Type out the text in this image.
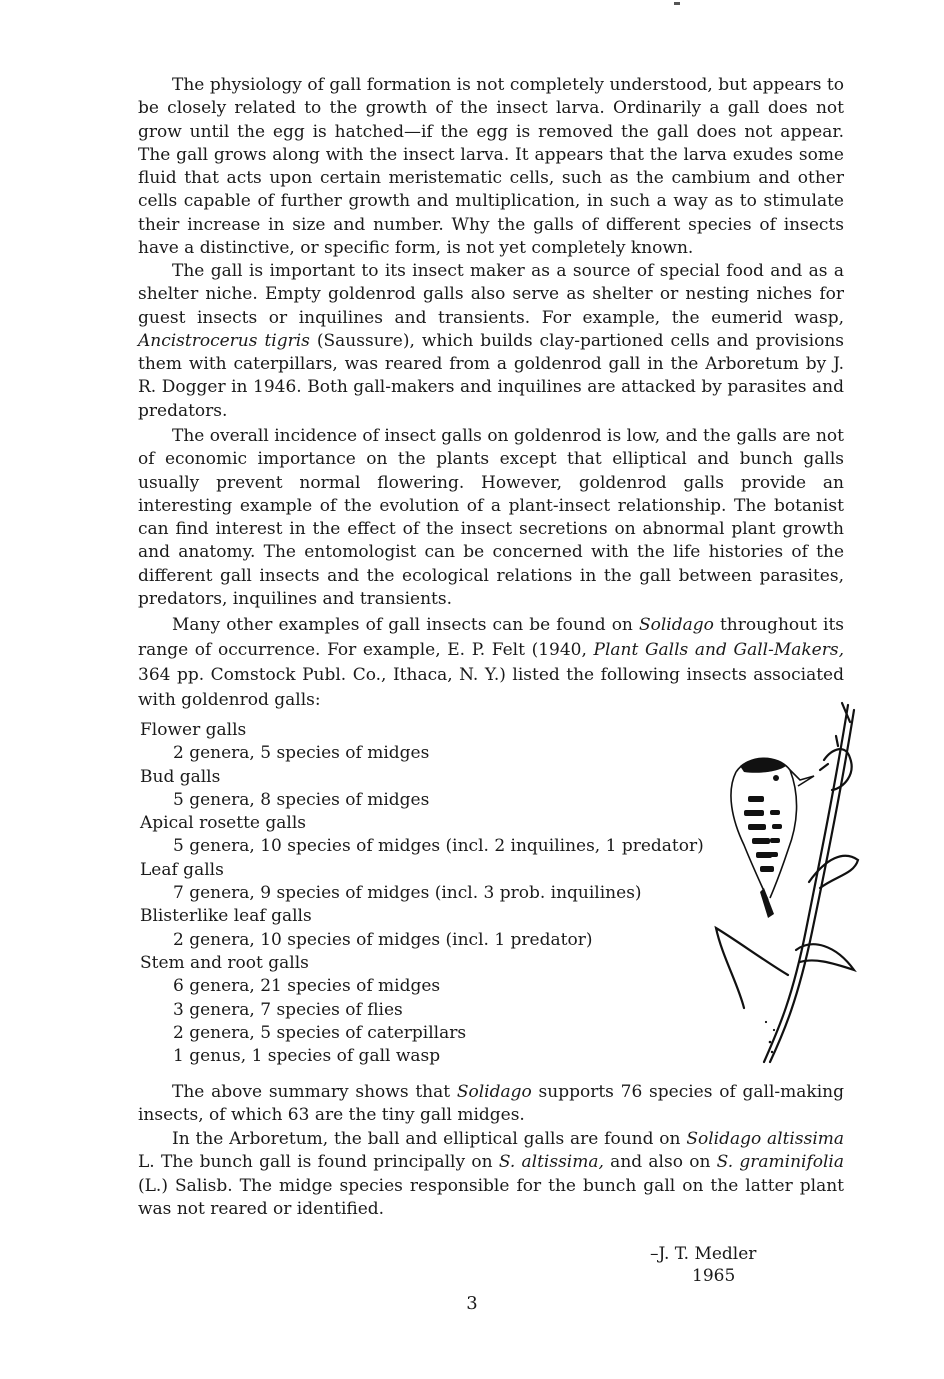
The physiology of gall formation is not completely understood, but appears to be closely related to the growth of the insect larva. Ordinarily a gall does not grow until the egg is hatched—if the egg is removed the gall does not appear. The gall grows along with the insect larva. It appears that the larva exudes some fluid that acts upon certain meristematic cells, such as the cambium and other cells capable of further growth and multiplication, in such a way as to stimulate their increase in size and number. Why the galls of different species of insects have a distinctive, or specific form, is not yet completely known.

The gall is important to its insect maker as a source of special food and as a shelter niche. Empty goldenrod galls also serve as shelter or nesting niches for guest insects or inquilines and transients. For example, the eumerid wasp, Ancistrocerus tigris (Saussure), which builds clay-partioned cells and provisions them with caterpillars, was reared from a goldenrod gall in the Arboretum by J. R. Dogger in 1946. Both gall-makers and inquilines are attacked by parasites and predators.

The overall incidence of insect galls on goldenrod is low, and the galls are not of economic importance on the plants except that elliptical and bunch galls usually prevent normal flowering. However, goldenrod galls provide an interesting example of the evolution of a plant-insect relationship. The botanist can find interest in the effect of the insect secretions on abnormal plant growth and anatomy. The entomologist can be concerned with the life histories of the different gall insects and the ecological relations in the gall between parasites, predators, inquilines and transients.

Many other examples of gall insects can be found on Solidago throughout its range of occurrence. For example, E. P. Felt (1940, Plant Galls and Gall-Makers, 364 pp. Comstock Publ. Co., Ithaca, N. Y.) listed the following insects associated with goldenrod galls:

Flower galls

2 genera, 5 species of midges

Bud galls

5 genera, 8 species of midges

Apical rosette galls

5 genera, 10 species of midges (incl. 2 inquilines, 1 predator)

Leaf galls

7 genera, 9 species of midges (incl. 3 prob. inquilines)

Blisterlike leaf galls

2 genera, 10 species of midges (incl. 1 predator)

Stem and root galls

6 genera, 21 species of midges

3 genera, 7 species of flies

2 genera, 5 species of caterpillars

1 genus, 1 species of gall wasp

The above summary shows that Solidago supports 76 species of gall-making insects, of which 63 are the tiny gall midges.

In the Arboretum, the ball and elliptical galls are found on Solidago altissima L. The bunch gall is found principally on S. altissima, and also on S. graminifolia (L.) Salisb. The midge species responsible for the bunch gall on the latter plant was not reared or identified.

–J. T. Medler
1965
3
